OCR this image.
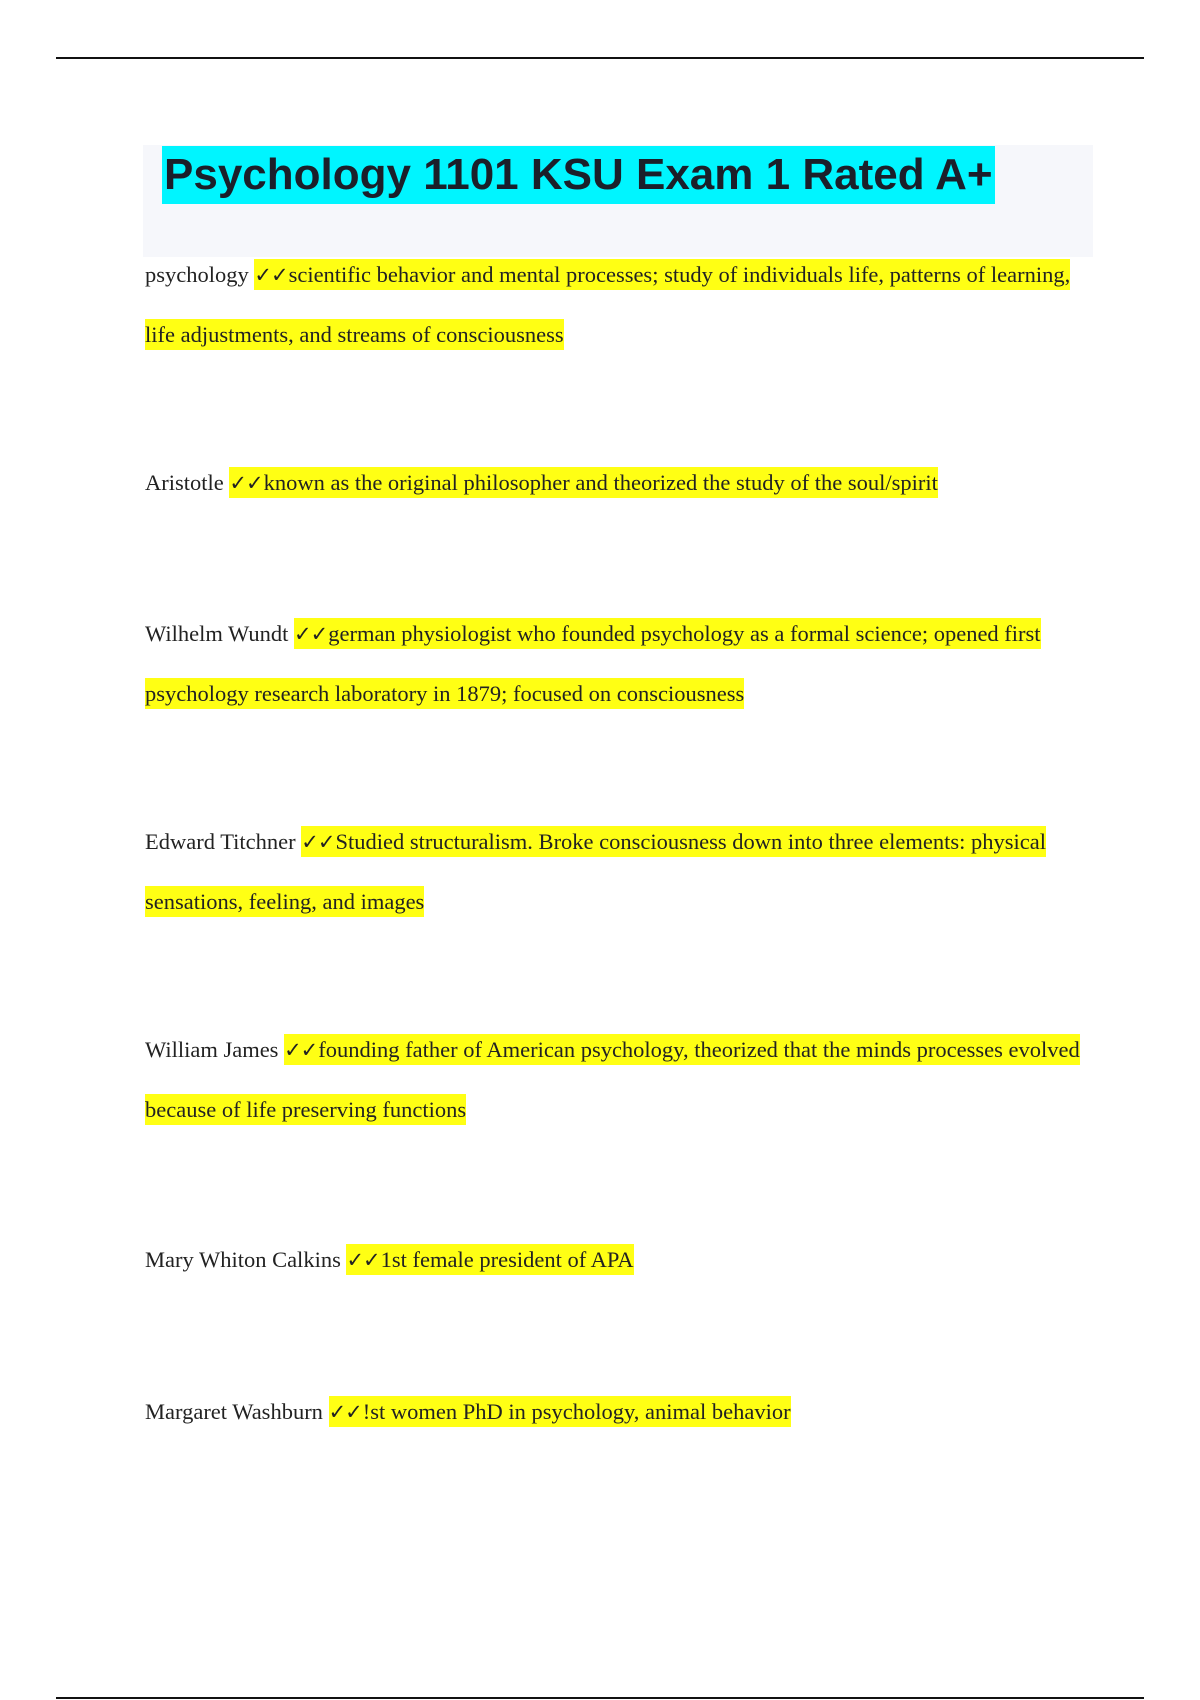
Psychology 1101 KSU Exam 1 Rated A+
psychology ✓✓scientific behavior and mental processes; study of individuals life, patterns of learning, life adjustments, and streams of consciousness
Aristotle ✓✓known as the original philosopher and theorized the study of the soul/spirit
Wilhelm Wundt ✓✓german physiologist who founded psychology as a formal science; opened first psychology research laboratory in 1879; focused on consciousness
Edward Titchner ✓✓Studied structuralism. Broke consciousness down into three elements: physical sensations, feeling, and images
William James ✓✓founding father of American psychology, theorized that the minds processes evolved because of life preserving functions
Mary Whiton Calkins ✓✓1st female president of APA
Margaret Washburn ✓✓!st women PhD in psychology, animal behavior
